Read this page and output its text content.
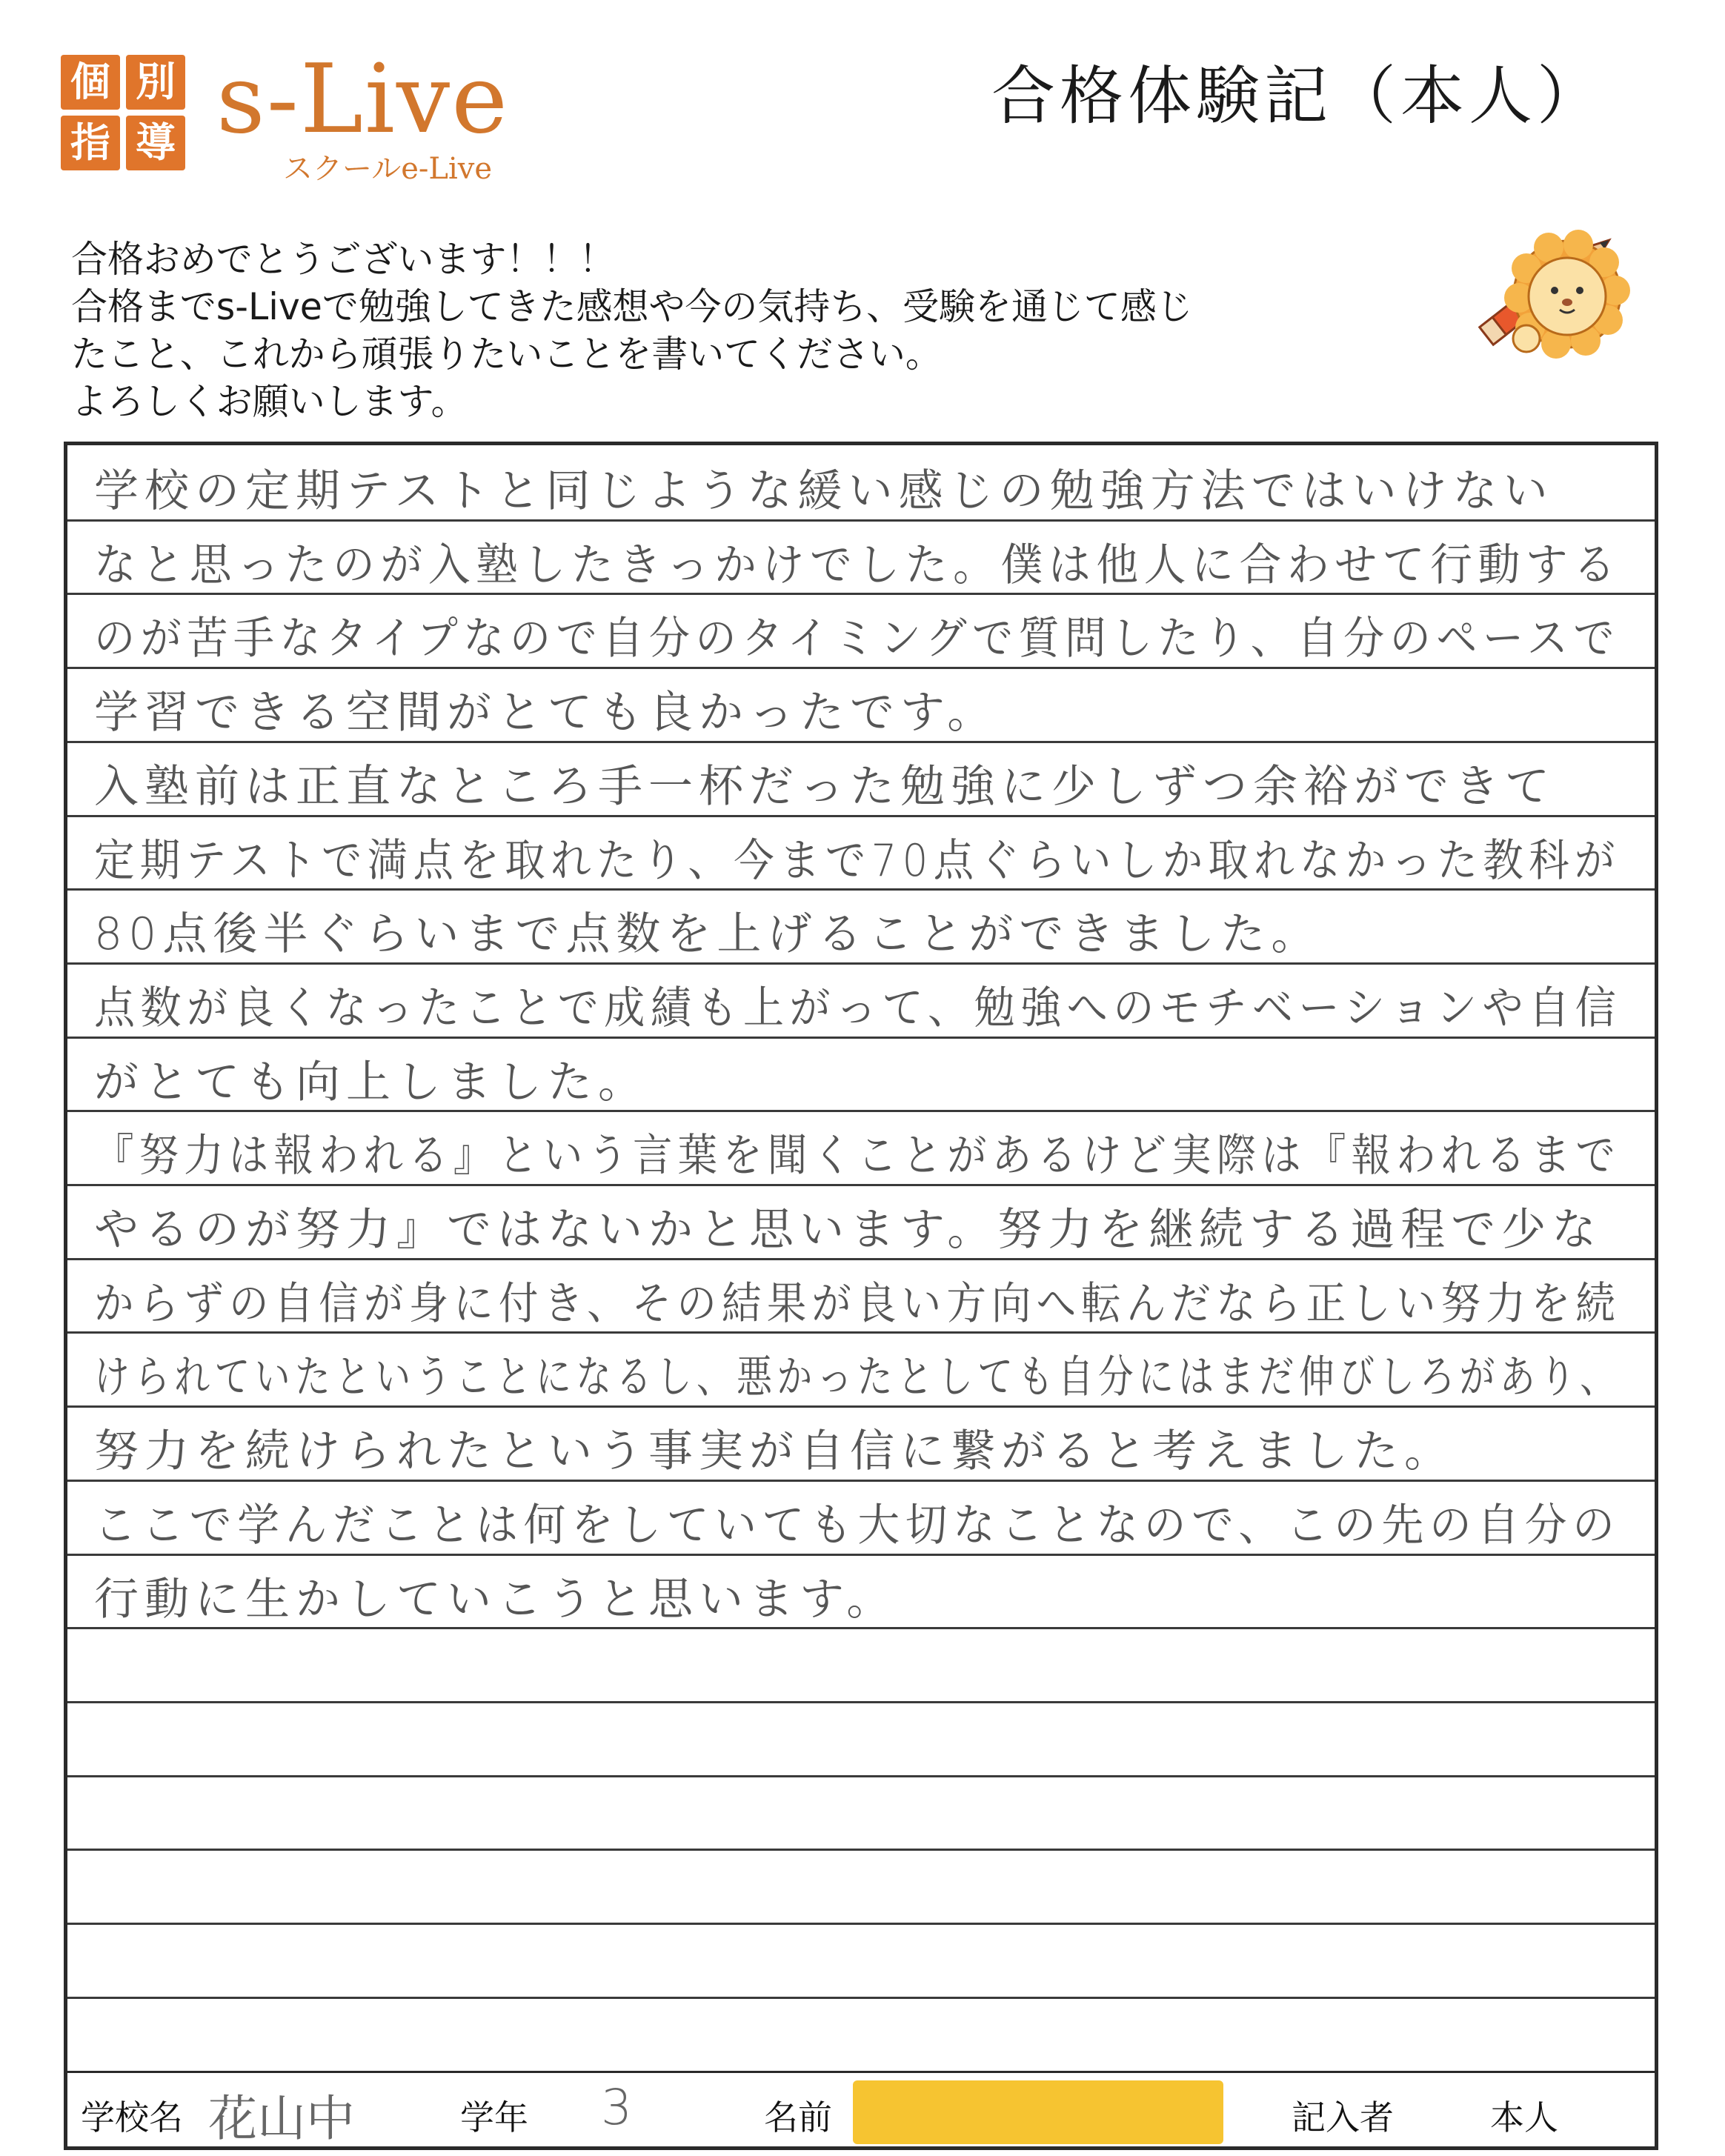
個 別
指 導 s-Live
スクールe-Live
合格体験記（本人）

合格おめでとうございます！！！

合格までs-Liveで勉強してきた感想や今の気持ち、受験を通じて感じ

たこと、これから頑張りたいことを書いてください。

よろしくお願いします。

学校の定期テストと同じような緩い感じの勉強方法ではいけない
なと思ったのが入塾したきっかけでした。僕は他人に合わせて行動する
のが苦手なタイプなので自分のタイミングで質問したり、自分のペースで
学習できる空間がとても良かったです。
入塾前は正直なところ手一杯だった勉強に少しずつ余裕ができて
定期テストで満点を取れたり、今まで70点ぐらいしか取れなかった教科が
80点後半ぐらいまで点数を上げることができました。
点数が良くなったことで成績も上がって、勉強へのモチベーションや自信
がとても向上しました。
『努力は報われる』という言葉を聞くことがあるけど実際は『報われるまで
やるのが努力』ではないかと思います。努力を継続する過程で少な
からずの自信が身に付き、その結果が良い方向へ転んだなら正しい努力を続
けられていたということになるし、悪かったとしても自分にはまだ伸びしろがあり、
努力を続けられたという事実が自信に繋がると考えました。
ここで学んだことは何をしていても大切なことなので、この先の自分の
行動に生かしていこうと思います。
学校名 花山中	学年 3	名前	記入者	本人
